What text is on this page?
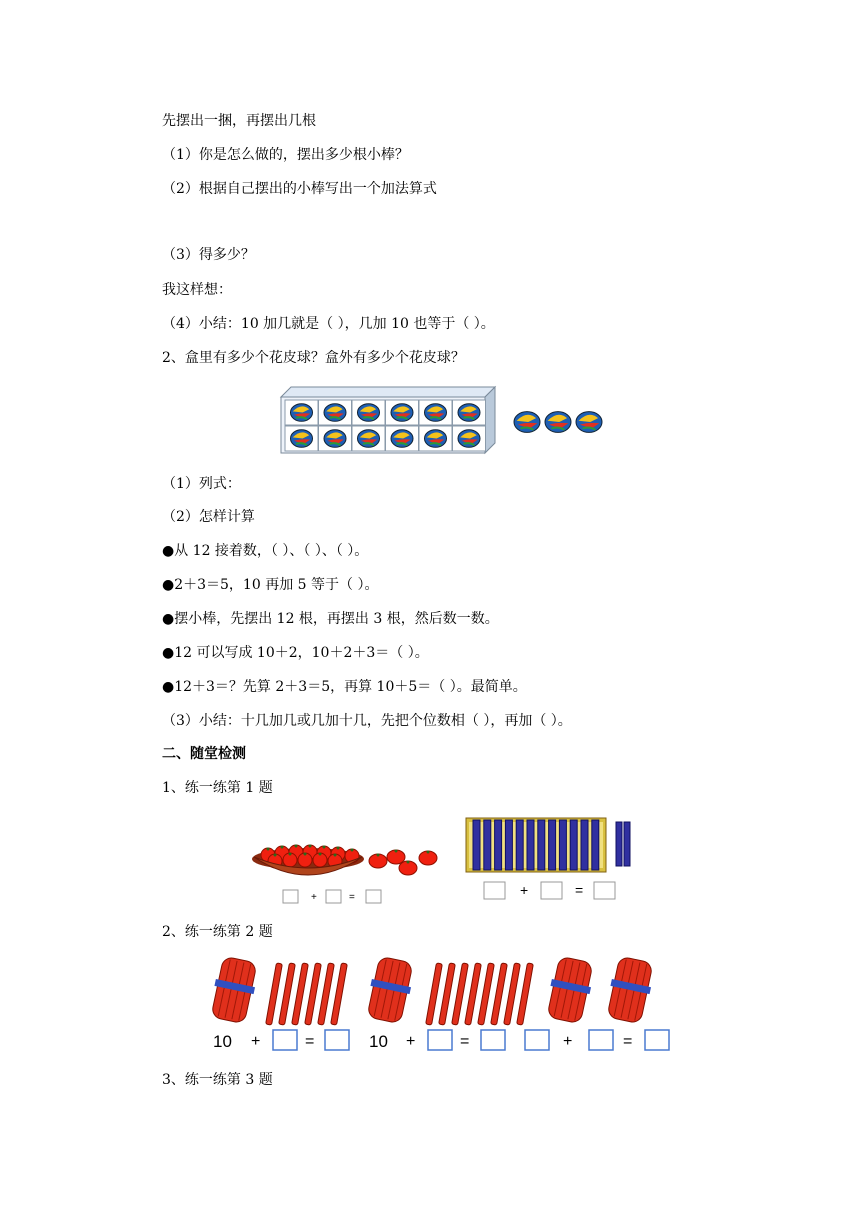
先摆出一捆，再摆出几根
（1）你是怎么做的，摆出多少根小棒？
（2）根据自己摆出的小棒写出一个加法算式
（3）得多少？
我这样想：
（4）小结：10 加几就是（ ），几加 10 也等于（ ）。
2、盒里有多少个花皮球？盒外有多少个花皮球？
（1）列式：
（2）怎样计算
●从 12 接着数，（ ）、（ ）、（ ）。
●2＋3＝5，10 再加 5 等于（ ）。
●摆小棒，先摆出 12 根，再摆出 3 根，然后数一数。
●12 可以写成 10＋2，10＋2＋3＝（ ）。
●12＋3＝？先算 2＋3＝5，再算 10＋5＝（ ）。最简单。
（3）小结：十几加几或几加十几，先把个位数相（ ），再加（ ）。
二、随堂检测
1、练一练第 1 题
+	=	+	=
2、练一练第 2 题
10 +	=	10 +	=	+	=
3、练一练第 3 题
